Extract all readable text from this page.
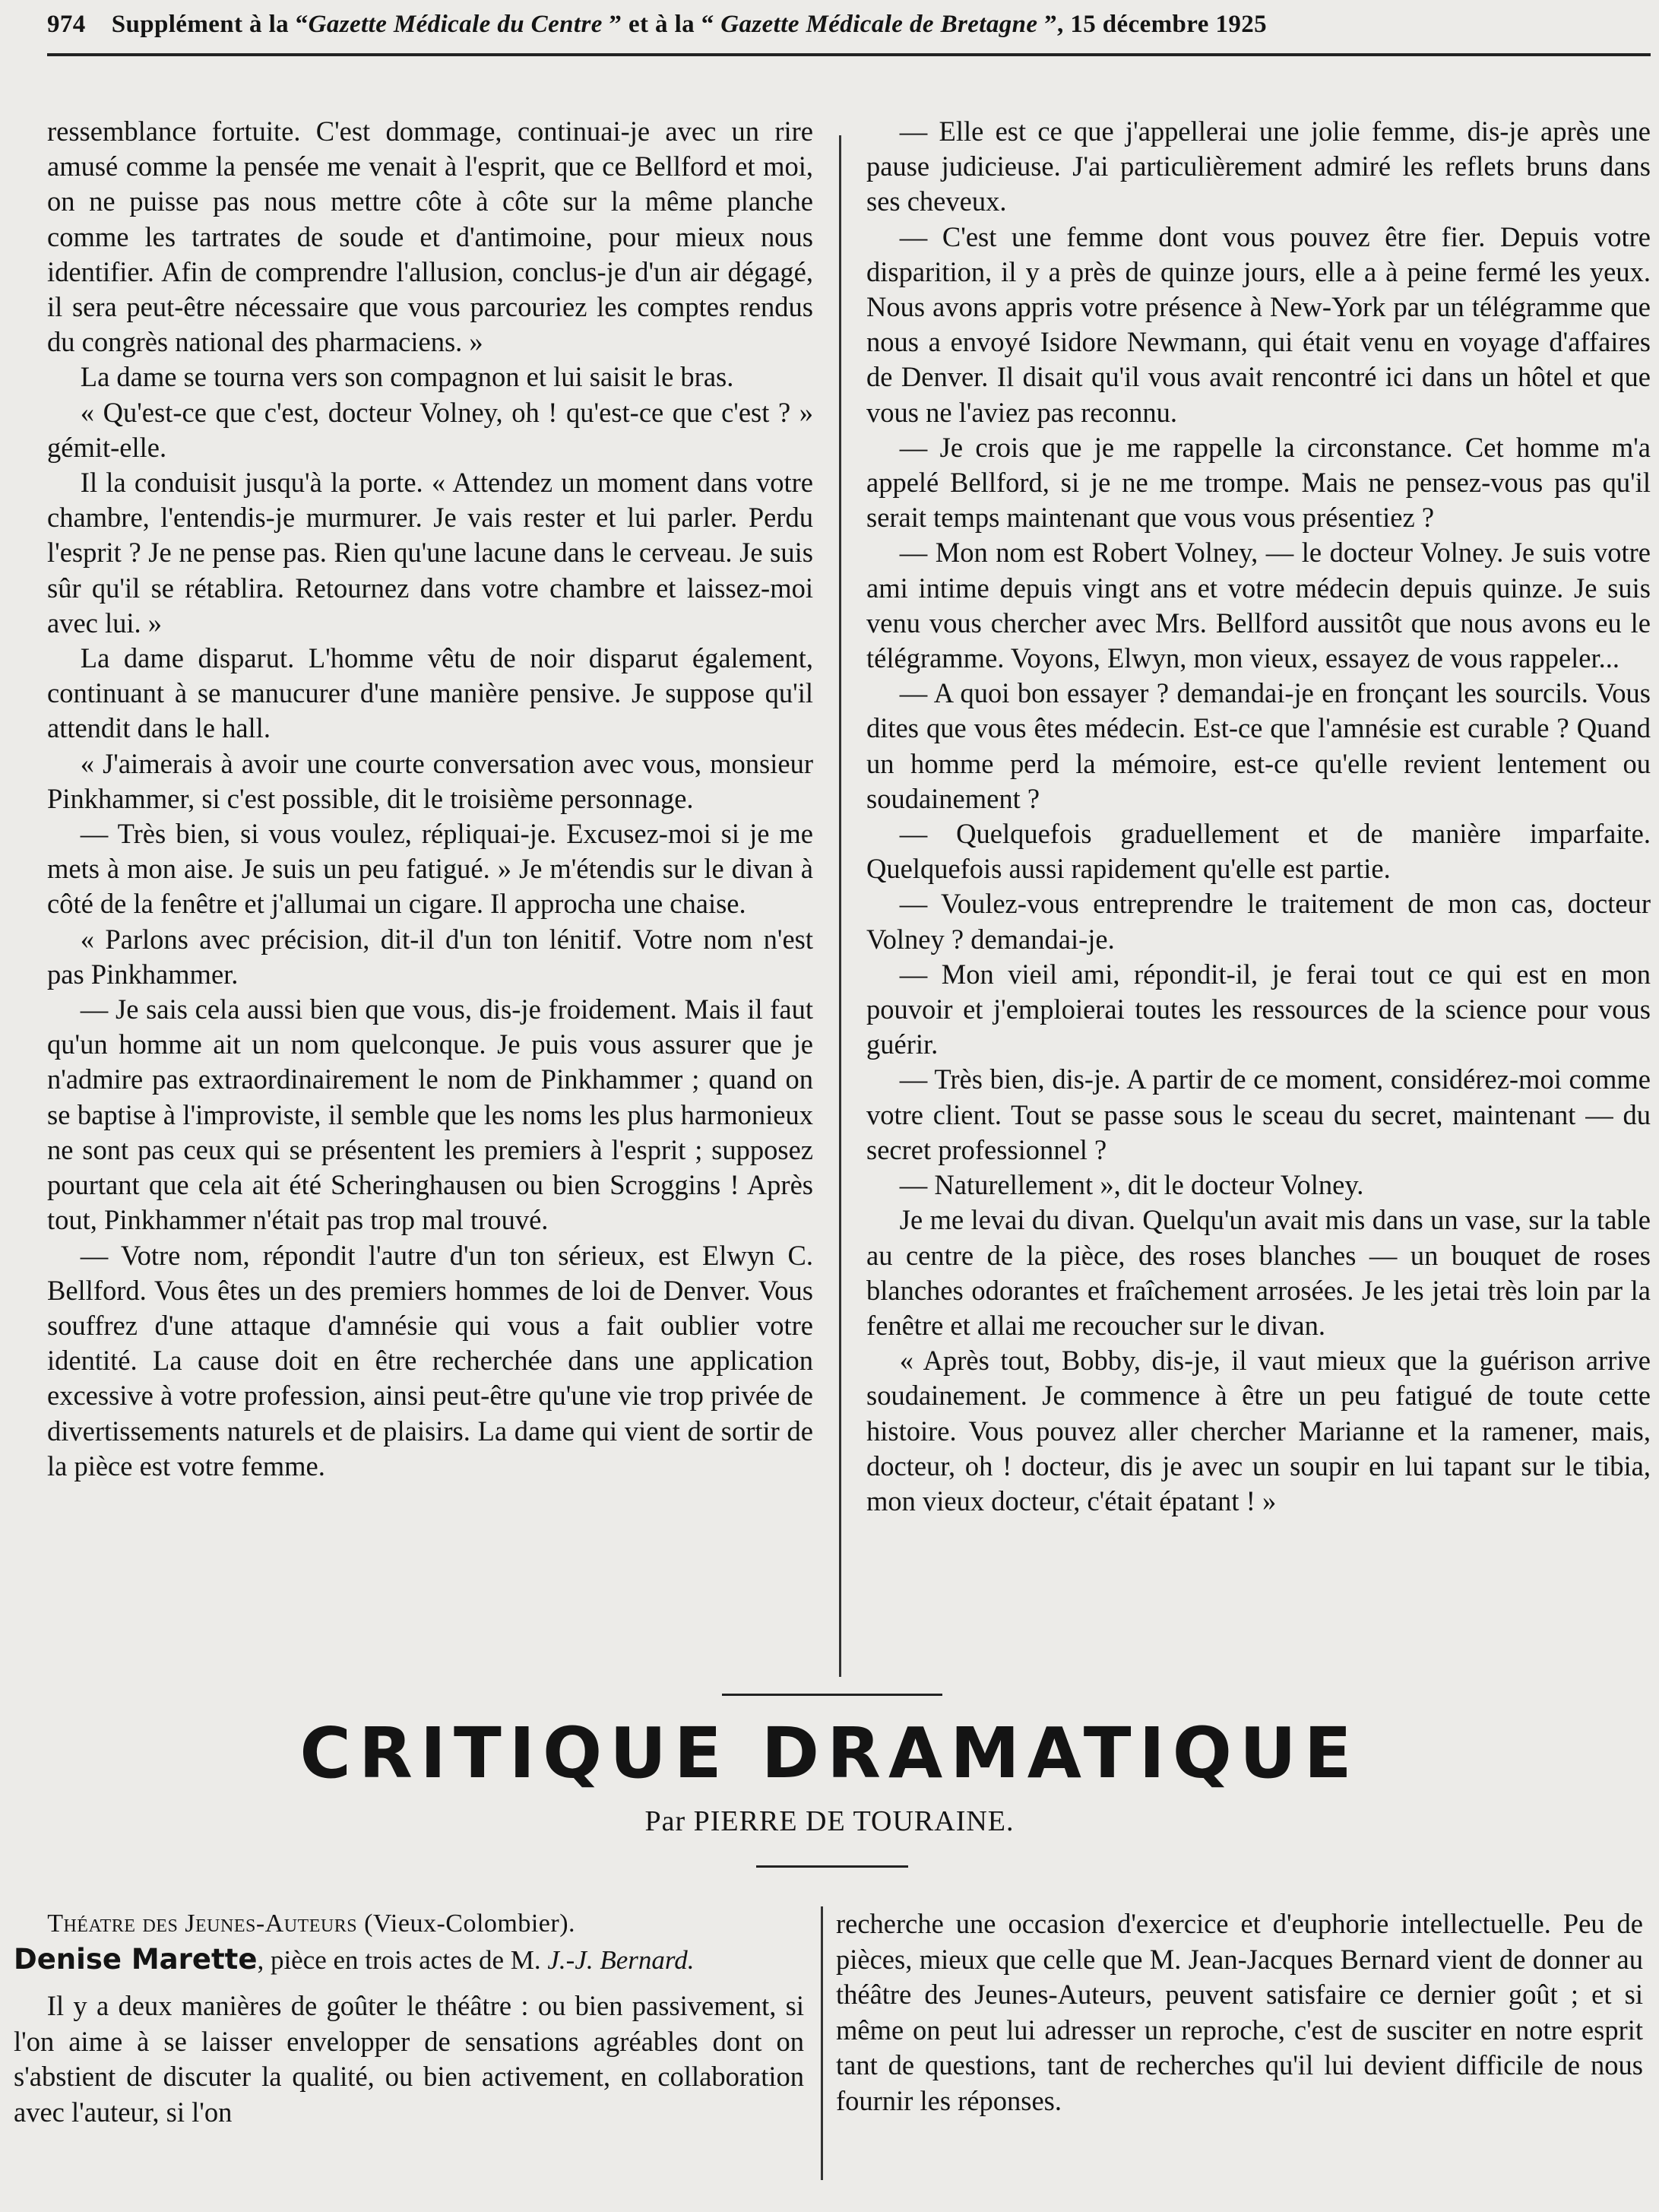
974 Supplément à la “Gazette Médicale du Centre ” et à la “ Gazette Médicale de Bretagne ”, 15 décembre 1925

ressemblance fortuite. C'est dommage, continuai-je avec un rire amusé comme la pensée me venait à l'esprit, que ce Bellford et moi, on ne puisse pas nous mettre côte à côte sur la même planche comme les tartrates de soude et d'antimoine, pour mieux nous identifier. Afin de comprendre l'allusion, conclus-je d'un air dégagé, il sera peut-être nécessaire que vous parcouriez les comptes rendus du congrès national des pharmaciens. »

La dame se tourna vers son compagnon et lui saisit le bras.

« Qu'est-ce que c'est, docteur Volney, oh ! qu'est-ce que c'est ? » gémit-elle.

Il la conduisit jusqu'à la porte. « Attendez un moment dans votre chambre, l'entendis-je murmurer. Je vais rester et lui parler. Perdu l'esprit ? Je ne pense pas. Rien qu'une lacune dans le cerveau. Je suis sûr qu'il se rétablira. Retournez dans votre chambre et laissez-moi avec lui. »

La dame disparut. L'homme vêtu de noir disparut également, continuant à se manucurer d'une manière pensive. Je suppose qu'il attendit dans le hall.

« J'aimerais à avoir une courte conversation avec vous, monsieur Pinkhammer, si c'est possible, dit le troisième personnage.

— Très bien, si vous voulez, répliquai-je. Excusez-moi si je me mets à mon aise. Je suis un peu fatigué. » Je m'étendis sur le divan à côté de la fenêtre et j'allumai un cigare. Il approcha une chaise.

« Parlons avec précision, dit-il d'un ton lénitif. Votre nom n'est pas Pinkhammer.

— Je sais cela aussi bien que vous, dis-je froidement. Mais il faut qu'un homme ait un nom quelconque. Je puis vous assurer que je n'admire pas extraordinairement le nom de Pinkhammer ; quand on se baptise à l'improviste, il semble que les noms les plus harmonieux ne sont pas ceux qui se présentent les premiers à l'esprit ; supposez pourtant que cela ait été Scheringhausen ou bien Scroggins ! Après tout, Pinkhammer n'était pas trop mal trouvé.

— Votre nom, répondit l'autre d'un ton sérieux, est Elwyn C. Bellford. Vous êtes un des premiers hommes de loi de Denver. Vous souffrez d'une attaque d'amnésie qui vous a fait oublier votre identité. La cause doit en être recherchée dans une application excessive à votre profession, ainsi peut-être qu'une vie trop privée de divertissements naturels et de plaisirs. La dame qui vient de sortir de la pièce est votre femme.

— Elle est ce que j'appellerai une jolie femme, dis-je après une pause judicieuse. J'ai particulièrement admiré les reflets bruns dans ses cheveux.

— C'est une femme dont vous pouvez être fier. Depuis votre disparition, il y a près de quinze jours, elle a à peine fermé les yeux. Nous avons appris votre présence à New-York par un télégramme que nous a envoyé Isidore Newmann, qui était venu en voyage d'affaires de Denver. Il disait qu'il vous avait rencontré ici dans un hôtel et que vous ne l'aviez pas reconnu.

— Je crois que je me rappelle la circonstance. Cet homme m'a appelé Bellford, si je ne me trompe. Mais ne pensez-vous pas qu'il serait temps maintenant que vous vous présentiez ?

— Mon nom est Robert Volney, — le docteur Volney. Je suis votre ami intime depuis vingt ans et votre médecin depuis quinze. Je suis venu vous chercher avec Mrs. Bellford aussitôt que nous avons eu le télégramme. Voyons, Elwyn, mon vieux, essayez de vous rappeler...

— A quoi bon essayer ? demandai-je en fronçant les sourcils. Vous dites que vous êtes médecin. Est-ce que l'amnésie est curable ? Quand un homme perd la mémoire, est-ce qu'elle revient lentement ou soudainement ?

— Quelquefois graduellement et de manière imparfaite. Quelquefois aussi rapidement qu'elle est partie.

— Voulez-vous entreprendre le traitement de mon cas, docteur Volney ? demandai-je.

— Mon vieil ami, répondit-il, je ferai tout ce qui est en mon pouvoir et j'emploierai toutes les ressources de la science pour vous guérir.

— Très bien, dis-je. A partir de ce moment, considérez-moi comme votre client. Tout se passe sous le sceau du secret, maintenant — du secret professionnel ?

— Naturellement », dit le docteur Volney.

Je me levai du divan. Quelqu'un avait mis dans un vase, sur la table au centre de la pièce, des roses blanches — un bouquet de roses blanches odorantes et fraîchement arrosées. Je les jetai très loin par la fenêtre et allai me recoucher sur le divan.

« Après tout, Bobby, dis-je, il vaut mieux que la guérison arrive soudainement. Je commence à être un peu fatigué de toute cette histoire. Vous pouvez aller chercher Marianne et la ramener, mais, docteur, oh ! docteur, dis je avec un soupir en lui tapant sur le tibia, mon vieux docteur, c'était épatant ! »

CRITIQUE DRAMATIQUE
Par PIERRE DE TOURAINE.

Théatre des Jeunes-Auteurs (Vieux-Colombier).

Denise Marette, pièce en trois actes de M. J.-J. Bernard.

Il y a deux manières de goûter le théâtre : ou bien passivement, si l'on aime à se laisser envelopper de sensations agréables dont on s'abstient de discuter la qualité, ou bien activement, en collaboration avec l'auteur, si l'on

recherche une occasion d'exercice et d'euphorie intellectuelle. Peu de pièces, mieux que celle que M. Jean-Jacques Bernard vient de donner au théâtre des Jeunes-Auteurs, peuvent satisfaire ce dernier goût ; et si même on peut lui adresser un reproche, c'est de susciter en notre esprit tant de questions, tant de recherches qu'il lui devient difficile de nous fournir les réponses.
